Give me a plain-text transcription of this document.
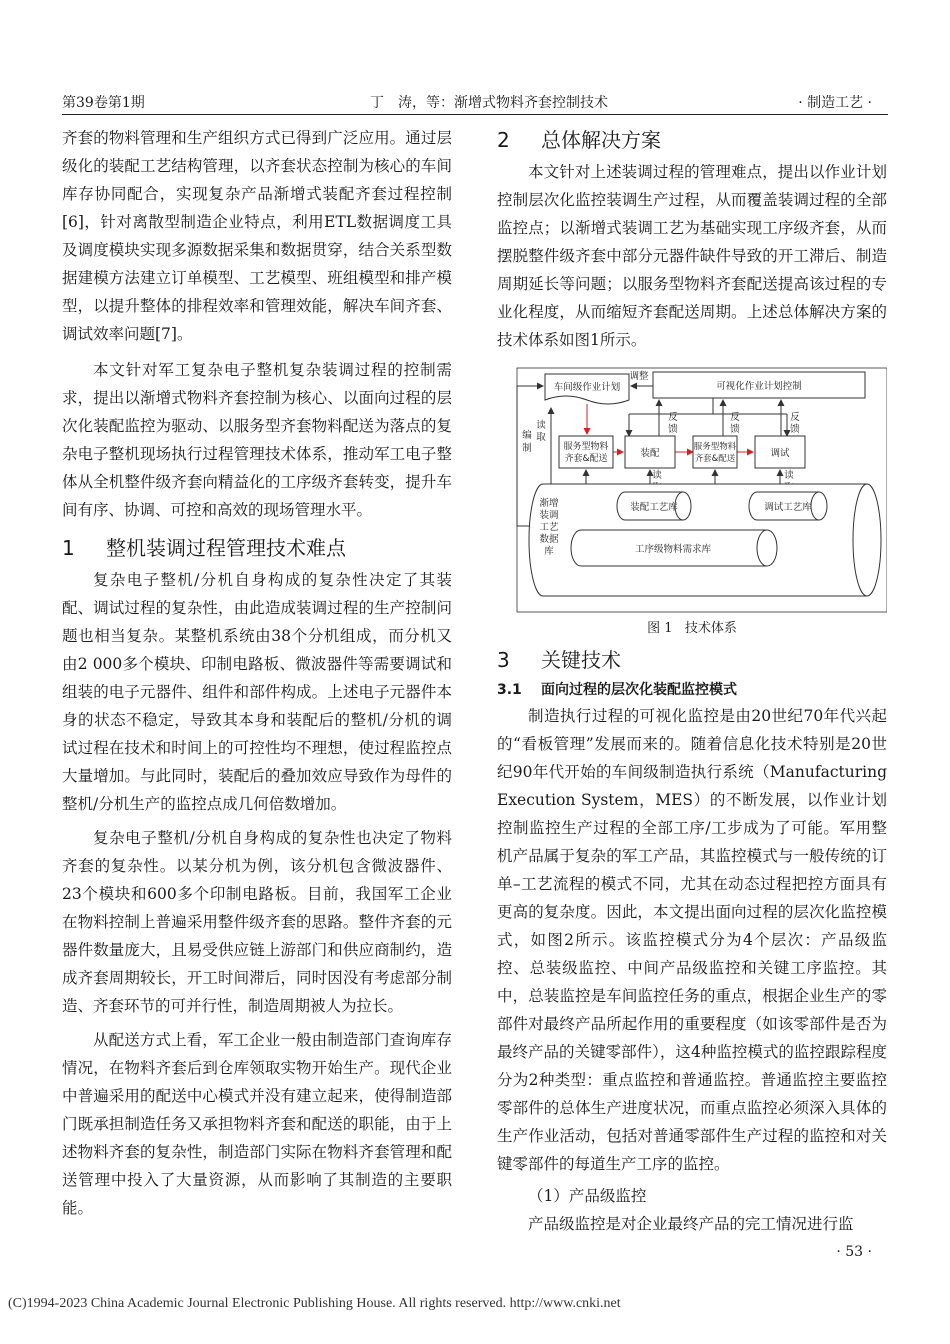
第39卷第1期	丁　涛，等：渐增式物料齐套控制技术	· 制造工艺 ·

齐套的物料管理和生产组织方式已得到广泛应用。通过层级化的装配工艺结构管理，以齐套状态控制为核心的车间库存协同配合，实现复杂产品渐增式装配齐套过程控制[6]，针对离散型制造企业特点，利用ETL数据调度工具及调度模块实现多源数据采集和数据贯穿，结合关系型数据建模方法建立订单模型、工艺模型、班组模型和排产模型，以提升整体的排程效率和管理效能，解决车间齐套、调试效率问题[7]。

本文针对军工复杂电子整机复杂装调过程的控制需求，提出以渐增式物料齐套控制为核心、以面向过程的层次化装配监控为驱动、以服务型齐套物料配送为落点的复杂电子整机现场执行过程管理技术体系，推动军工电子整体从全机整件级齐套向精益化的工序级齐套转变，提升车间有序、协调、可控和高效的现场管理水平。

1 整机装调过程管理技术难点

复杂电子整机/分机自身构成的复杂性决定了其装配、调试过程的复杂性，由此造成装调过程的生产控制问题也相当复杂。某整机系统由38个分机组成，而分机又由2 000多个模块、印制电路板、微波器件等需要调试和组装的电子元器件、组件和部件构成。上述电子元器件本身的状态不稳定，导致其本身和装配后的整机/分机的调试过程在技术和时间上的可控性均不理想，使过程监控点大量增加。与此同时，装配后的叠加效应导致作为母件的整机/分机生产的监控点成几何倍数增加。

复杂电子整机/分机自身构成的复杂性也决定了物料齐套的复杂性。以某分机为例，该分机包含微波器件、23个模块和600多个印制电路板。目前，我国军工企业在物料控制上普遍采用整件级齐套的思路。整件齐套的元器件数量庞大，且易受供应链上游部门和供应商制约，造成齐套周期较长，开工时间滞后，同时因没有考虑部分制造、齐套环节的可并行性，制造周期被人为拉长。

从配送方式上看，军工企业一般由制造部门查询库存情况，在物料齐套后到仓库领取实物开始生产。现代企业中普遍采用的配送中心模式并没有建立起来，使得制造部门既承担制造任务又承担物料齐套和配送的职能，由于上述物料齐套的复杂性，制造部门实际在物料齐套管理和配送管理中投入了大量资源，从而影响了其制造的主要职能。

2 总体解决方案

本文针对上述装调过程的管理难点，提出以作业计划控制层次化监控装调生产过程，从而覆盖装调过程的全部监控点；以渐增式装调工艺为基础实现工序级齐套，从而摆脱整件级齐套中部分元器件缺件导致的开工滞后、制造周期延长等问题；以服务型物料齐套配送提高该过程的专业化程度，从而缩短齐套配送周期。上述总体解决方案的技术体系如图1所示。

车间级作业计划	可视化作业计划控制
调整
反馈
反馈
反馈
服务型物料齐套&配送	装配
服务型物料齐套&配送	调试
编制
读取
读	读
渐增装调工艺数据库
装配工艺库	调试工艺库
工序级物料需求库
图 1 技术体系
3 关键技术
3.1 面向过程的层次化装配监控模式

制造执行过程的可视化监控是由20世纪70年代兴起的“看板管理”发展而来的。随着信息化技术特别是20世纪90年代开始的车间级制造执行系统（Manufacturing Execution System，MES）的不断发展，以作业计划控制监控生产过程的全部工序/工步成为了可能。军用整机产品属于复杂的军工产品，其监控模式与一般传统的订单–工艺流程的模式不同，尤其在动态过程把控方面具有更高的复杂度。因此，本文提出面向过程的层次化监控模式，如图2所示。该监控模式分为4个层次：产品级监控、总装级监控、中间产品级监控和关键工序监控。其中，总装监控是车间监控任务的重点，根据企业生产的零部件对最终产品所起作用的重要程度（如该零部件是否为最终产品的关键零部件），这4种监控模式的监控跟踪程度分为2种类型：重点监控和普通监控。普通监控主要监控零部件的总体生产进度状况，而重点监控必须深入具体的生产作业活动，包括对普通零部件生产过程的监控和对关键零部件的每道生产工序的监控。

（1）产品级监控

产品级监控是对企业最终产品的完工情况进行监

· 53 ·
(C)1994-2023 China Academic Journal Electronic Publishing House. All rights reserved. http://www.cnki.net
